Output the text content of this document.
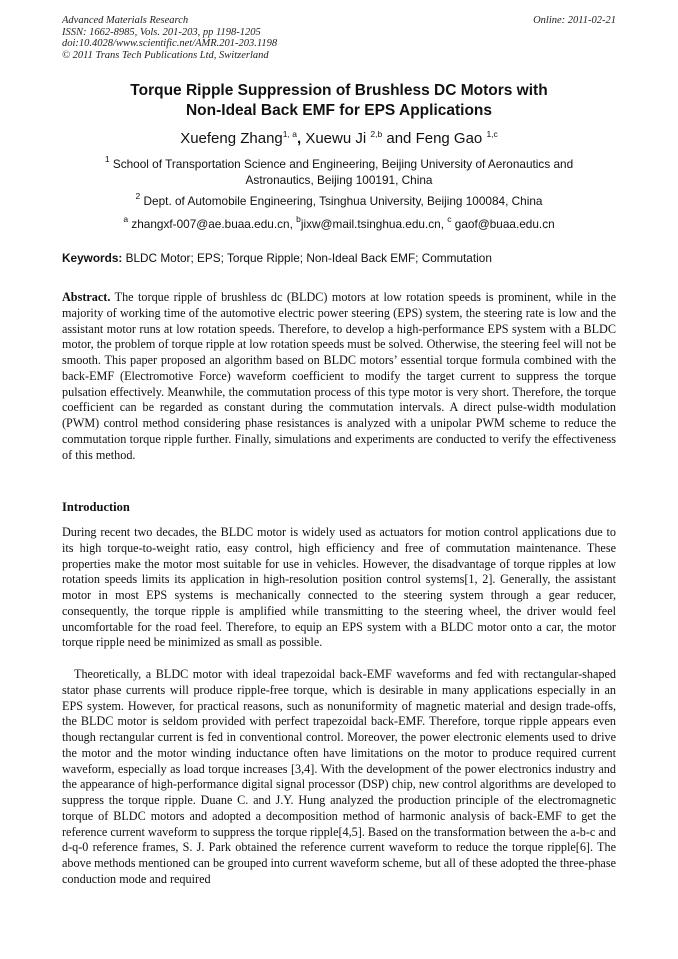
Advanced Materials Research
ISSN: 1662-8985, Vols. 201-203, pp 1198-1205
doi:10.4028/www.scientific.net/AMR.201-203.1198
© 2011 Trans Tech Publications Ltd, Switzerland
Online: 2011-02-21
Torque Ripple Suppression of Brushless DC Motors with
Non-Ideal Back EMF for EPS Applications
Xuefeng Zhang$^{1, a}$, Xuewu Ji $^{2,b}$ and Feng Gao $^{1,c}$
$^1$ School of Transportation Science and Engineering, Beijing University of Aeronautics and
Astronautics, Beijing 100191, China
$^2$ Dept. of Automobile Engineering, Tsinghua University, Beijing 100084, China
$^a$ zhangxf-007@ae.buaa.edu.cn, $^b$jixw@mail.tsinghua.edu.cn, $^c$ gaof@buaa.edu.cn
Keywords: BLDC Motor; EPS; Torque Ripple; Non-Ideal Back EMF; Commutation
Abstract. The torque ripple of brushless dc (BLDC) motors at low rotation speeds is prominent, while in the majority of working time of the automotive electric power steering (EPS) system, the steering rate is low and the assistant motor runs at low rotation speeds. Therefore, to develop a high-performance EPS system with a BLDC motor, the problem of torque ripple at low rotation speeds must be solved. Otherwise, the steering feel will not be smooth. This paper proposed an algorithm based on BLDC motors’ essential torque formula combined with the back-EMF (Electromotive Force) waveform coefficient to modify the target current to suppress the torque pulsation effectively. Meanwhile, the commutation process of this type motor is very short. Therefore, the torque coefficient can be regarded as constant during the commutation intervals. A direct pulse-width modulation (PWM) control method considering phase resistances is analyzed with a unipolar PWM scheme to reduce the commutation torque ripple further. Finally, simulations and experiments are conducted to verify the effectiveness of this method.
Introduction
During recent two decades, the BLDC motor is widely used as actuators for motion control applications due to its high torque-to-weight ratio, easy control, high efficiency and free of commutation maintenance. These properties make the motor most suitable for use in vehicles. However, the disadvantage of torque ripples at low rotation speeds limits its application in high-resolution position control systems[1, 2]. Generally, the assistant motor in most EPS systems is mechanically connected to the steering system through a gear reducer, consequently, the torque ripple is amplified while transmitting to the steering wheel, the driver would feel uncomfortable for the road feel. Therefore, to equip an EPS system with a BLDC motor onto a car, the motor torque ripple need be minimized as small as possible.
Theoretically, a BLDC motor with ideal trapezoidal back-EMF waveforms and fed with rectangular-shaped stator phase currents will produce ripple-free torque, which is desirable in many applications especially in an EPS system. However, for practical reasons, such as nonuniformity of magnetic material and design trade-offs, the BLDC motor is seldom provided with perfect trapezoidal back-EMF. Therefore, torque ripple appears even though rectangular current is fed in conventional control. Moreover, the power electronic elements used to drive the motor and the motor winding inductance often have limitations on the motor to produce required current waveform, especially as load torque increases [3,4]. With the development of the power electronics industry and the appearance of high-performance digital signal processor (DSP) chip, new control algorithms are developed to suppress the torque ripple. Duane C. and J.Y. Hung analyzed the production principle of the electromagnetic torque of BLDC motors and adopted a decomposition method of harmonic analysis of back-EMF to get the reference current waveform to suppress the torque ripple[4,5]. Based on the transformation between the a-b-c and d-q-0 reference frames, S. J. Park obtained the reference current waveform to reduce the torque ripple[6]. The above methods mentioned can be grouped into current waveform scheme, but all of these adopted the three-phase conduction mode and required
